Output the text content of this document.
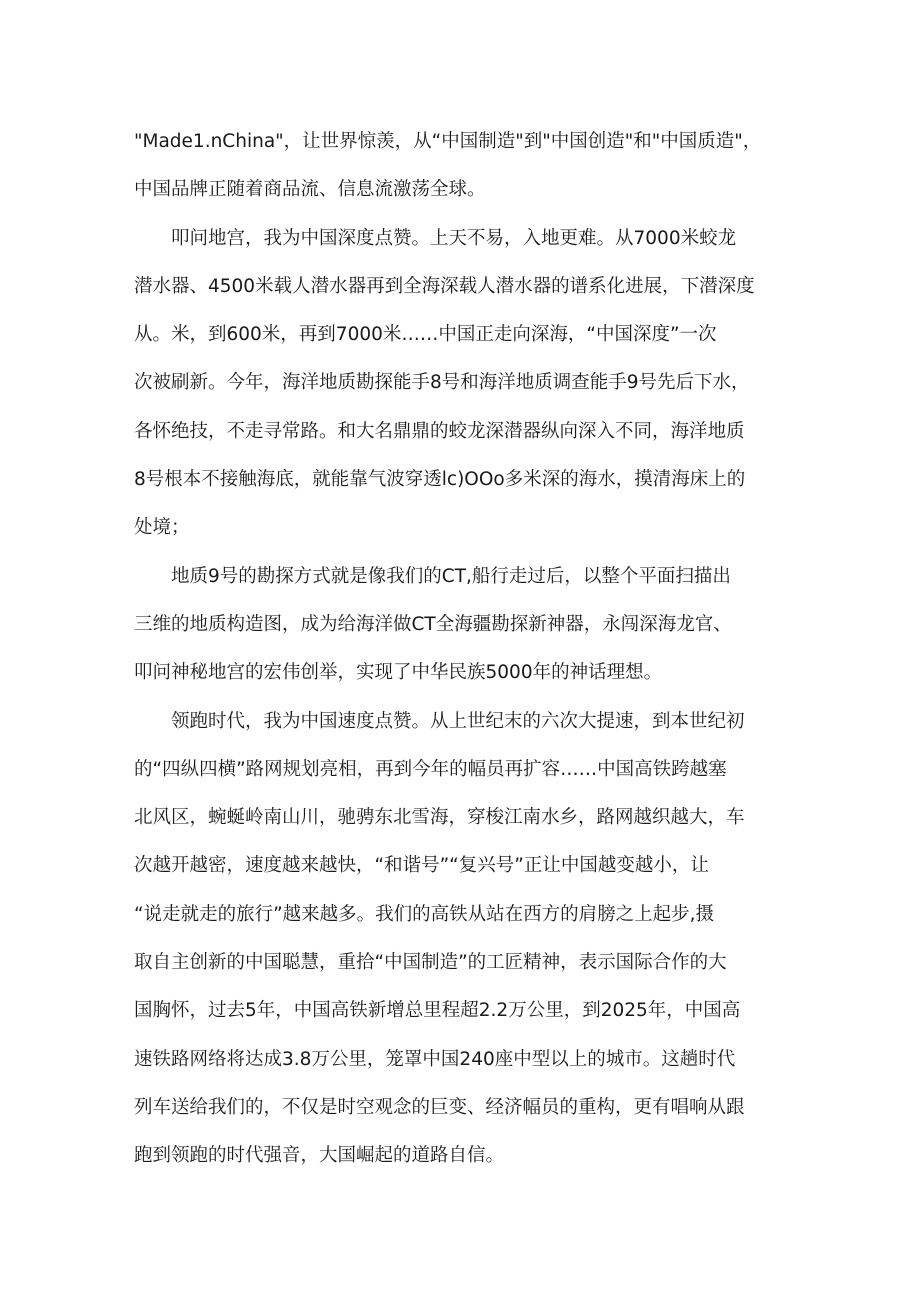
"Made1.nChina"，让世界惊羡，从“中国制造"到"中国创造"和"中国质造"，
中国品牌正随着商品流、信息流激荡全球。
叩问地宫，我为中国深度点赞。上天不易，入地更难。从7000米蛟龙
潜水器、4500米载人潜水器再到全海深载人潜水器的谱系化进展，下潜深度
从。米，到600米，再到7000米……中国正走向深海，“中国深度”一次
次被刷新。今年，海洋地质勘探能手8号和海洋地质调查能手9号先后下水，
各怀绝技，不走寻常路。和大名鼎鼎的蛟龙深潜器纵向深入不同，海洋地质
8号根本不接触海底，就能靠气波穿透lc)OOo多米深的海水，摸清海床上的
处境；
地质9号的勘探方式就是像我们的CT,船行走过后，以整个平面扫描出
三维的地质构造图，成为给海洋做CT全海疆勘探新神器，永闯深海龙官、
叩问神秘地宫的宏伟创举，实现了中华民族5000年的神话理想。
领跑时代，我为中国速度点赞。从上世纪末的六次大提速，到本世纪初
的“四纵四横”路网规划亮相，再到今年的幅员再扩容……中国高铁跨越塞
北风区，蜿蜒岭南山川，驰骋东北雪海，穿梭江南水乡，路网越织越大，车
次越开越密，速度越来越快，“和谐号”“复兴号”正让中国越变越小，让
“说走就走的旅行”越来越多。我们的高铁从站在西方的肩膀之上起步,摄
取自主创新的中国聪慧，重拾“中国制造”的工匠精神，表示国际合作的大
国胸怀，过去5年，中国高铁新增总里程超2.2万公里，到2025年，中国高
速铁路网络将达成3.8万公里，笼罩中国240座中型以上的城市。这趟时代
列车送给我们的，不仅是时空观念的巨变、经济幅员的重构，更有唱响从跟
跑到领跑的时代强音，大国崛起的道路自信。
